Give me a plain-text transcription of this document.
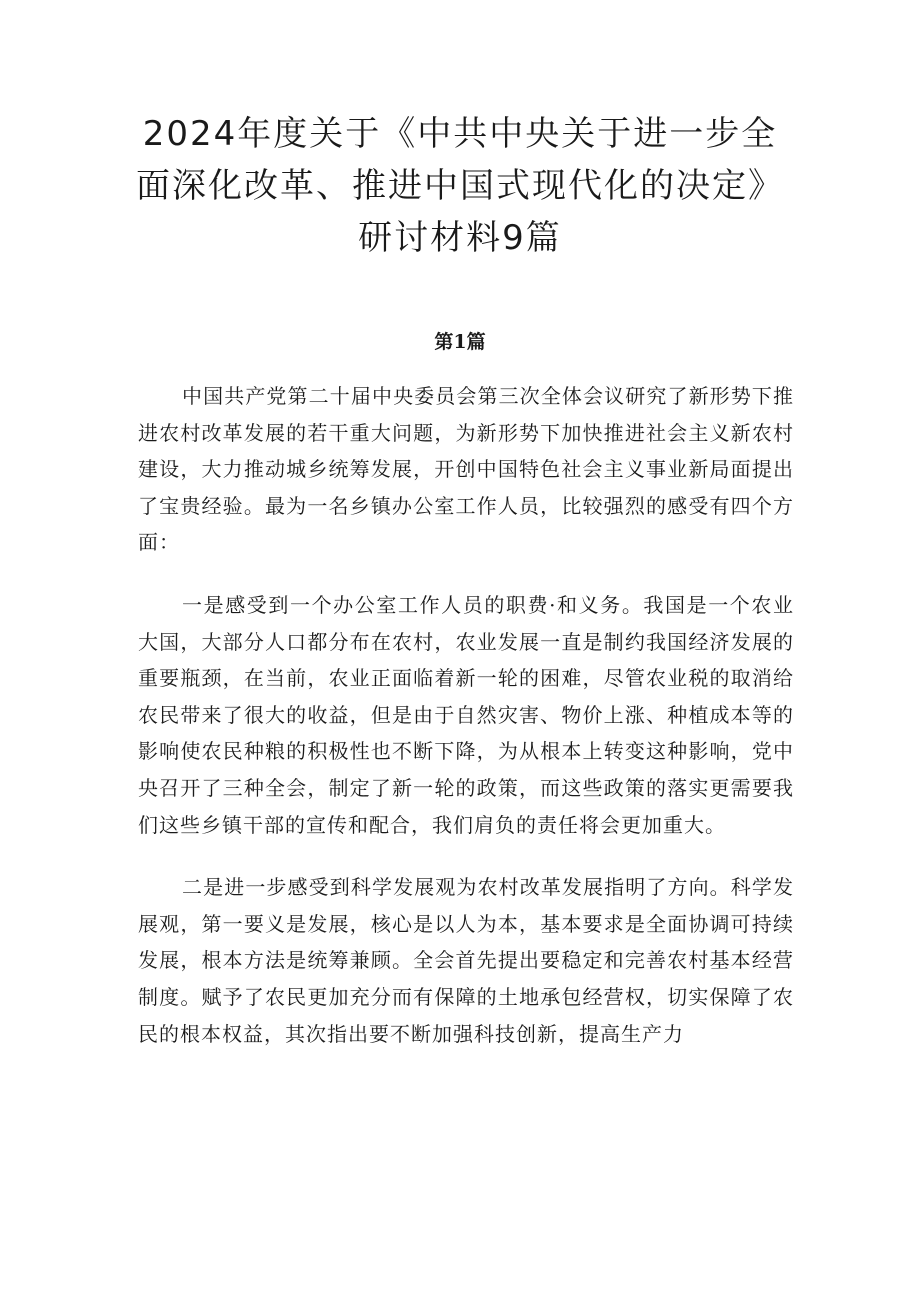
2024年度关于《中共中央关于进一步全面深化改革、推进中国式现代化的决定》研讨材料9篇
第1篇

中国共产党第二十届中央委员会第三次全体会议研究了新形势下推进农村改革发展的若干重大问题，为新形势下加快推进社会主义新农村建设，大力推动城乡统筹发展，开创中国特色社会主义事业新局面提出了宝贵经验。最为一名乡镇办公室工作人员，比较强烈的感受有四个方面：

一是感受到一个办公室工作人员的职费·和义务。我国是一个农业大国，大部分人口都分布在农村，农业发展一直是制约我国经济发展的重要瓶颈，在当前，农业正面临着新一轮的困难，尽管农业税的取消给农民带来了很大的收益，但是由于自然灾害、物价上涨、种植成本等的影响使农民种粮的积极性也不断下降，为从根本上转变这种影响，党中央召开了三种全会，制定了新一轮的政策，而这些政策的落实更需要我们这些乡镇干部的宣传和配合，我们肩负的责任将会更加重大。

二是进一步感受到科学发展观为农村改革发展指明了方向。科学发展观，第一要义是发展，核心是以人为本，基本要求是全面协调可持续发展，根本方法是统筹兼顾。全会首先提出要稳定和完善农村基本经营制度。赋予了农民更加充分而有保障的土地承包经营权，切实保障了农民的根本权益，其次指出要不断加强科技创新，提高生产力
